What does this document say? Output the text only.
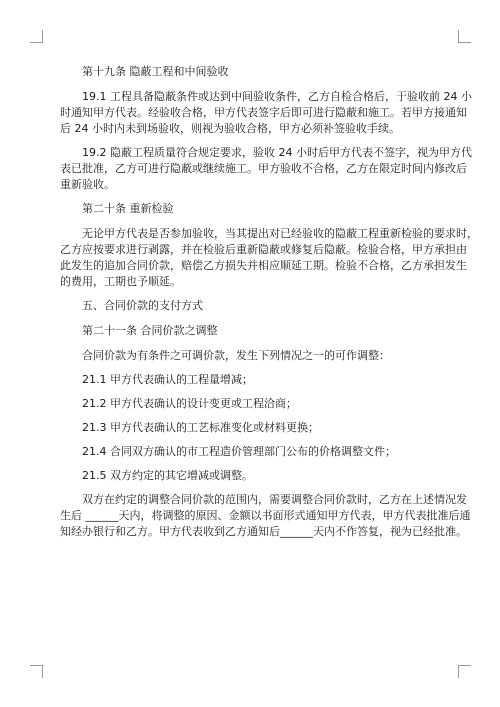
第十九条 隐蔽工程和中间验收

19.1 工程具备隐蔽条件或达到中间验收条件，乙方自检合格后，于验收前 24 小

时通知甲方代表。经验收合格，甲方代表签字后即可进行隐蔽和施工。若甲方接通知

后 24 小时内未到场验收，则视为验收合格，甲方必须补签验收手续。

19.2 隐蔽工程质量符合规定要求，验收 24 小时后甲方代表不签字，视为甲方代

表已批准，乙方可进行隐蔽或继续施工。甲方验收不合格，乙方在限定时间内修改后

重新验收。

第二十条 重新检验

无论甲方代表是否参加验收，当其提出对已经验收的隐蔽工程重新检验的要求时，

乙方应按要求进行剥露，并在检验后重新隐蔽或修复后隐蔽。检验合格，甲方承担由

此发生的追加合同价款，赔偿乙方损失并相应顺延工期。检验不合格，乙方承担发生

的费用，工期也予顺延。

五、合同价款的支付方式

第二十一条 合同价款之调整

合同价款为有条件之可调价款，发生下列情况之一的可作调整：

21.1 甲方代表确认的工程量增减；

21.2 甲方代表确认的设计变更或工程洽商；

21.3 甲方代表确认的工艺标准变化或材料更换；

21.4 合同双方确认的市工程造价管理部门公布的价格调整文件；

21.5 双方约定的其它增减或调整。

双方在约定的调整合同价款的范围内，需要调整合同价款时，乙方在上述情况发

生后 ______天内，将调整的原因、金额以书面形式通知甲方代表，甲方代表批准后通

知经办银行和乙方。甲方代表收到乙方通知后______天内不作答复，视为已经批准。
